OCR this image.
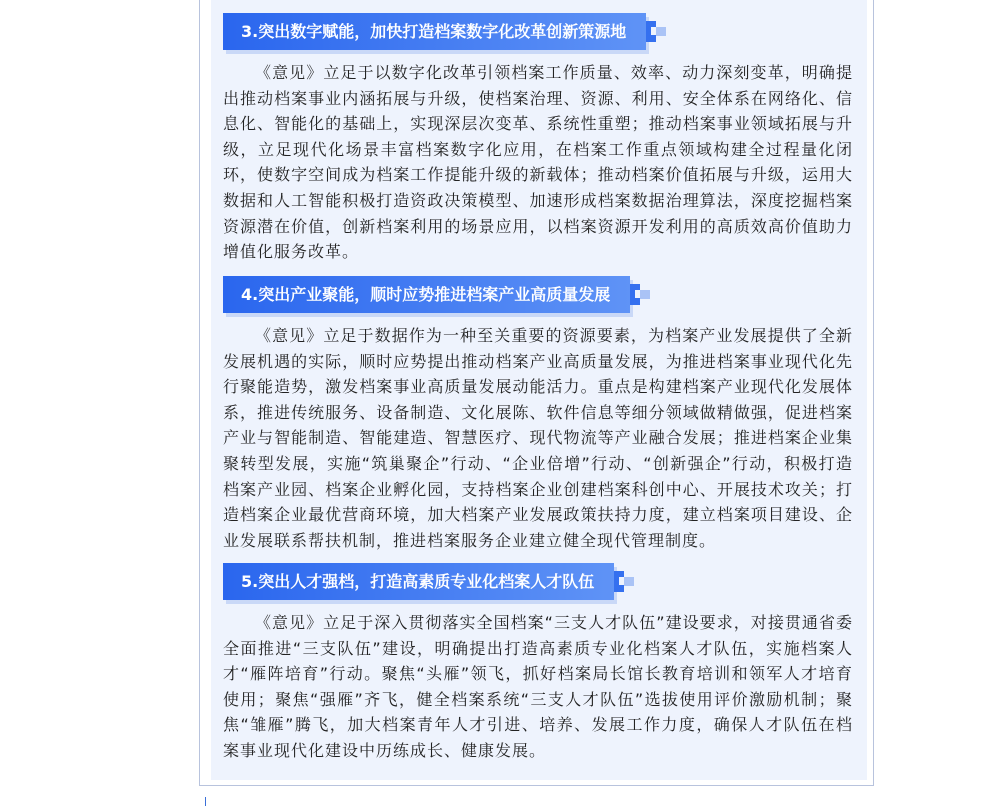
3.突出数字赋能，加快打造档案数字化改革创新策源地

《意见》立足于以数字化改革引领档案工作质量、效率、动力深刻变革，明确提出推动档案事业内涵拓展与升级，使档案治理、资源、利用、安全体系在网络化、信息化、智能化的基础上，实现深层次变革、系统性重塑；推动档案事业领域拓展与升级，立足现代化场景丰富档案数字化应用，在档案工作重点领域构建全过程量化闭环，使数字空间成为档案工作提能升级的新载体；推动档案价值拓展与升级，运用大数据和人工智能积极打造资政决策模型、加速形成档案数据治理算法，深度挖掘档案资源潜在价值，创新档案利用的场景应用，以档案资源开发利用的高质效高价值助力增值化服务改革。

4.突出产业聚能，顺时应势推进档案产业高质量发展

《意见》立足于数据作为一种至关重要的资源要素，为档案产业发展提供了全新发展机遇的实际，顺时应势提出推动档案产业高质量发展，为推进档案事业现代化先行聚能造势，激发档案事业高质量发展动能活力。重点是构建档案产业现代化发展体系，推进传统服务、设备制造、文化展陈、软件信息等细分领域做精做强，促进档案产业与智能制造、智能建造、智慧医疗、现代物流等产业融合发展；推进档案企业集聚转型发展，实施“筑巢聚企”行动、“企业倍增”行动、“创新强企”行动，积极打造档案产业园、档案企业孵化园，支持档案企业创建档案科创中心、开展技术攻关；打造档案企业最优营商环境，加大档案产业发展政策扶持力度，建立档案项目建设、企业发展联系帮扶机制，推进档案服务企业建立健全现代管理制度。

5.突出人才强档，打造高素质专业化档案人才队伍

《意见》立足于深入贯彻落实全国档案“三支人才队伍”建设要求，对接贯通省委全面推进“三支队伍”建设，明确提出打造高素质专业化档案人才队伍，实施档案人才“雁阵培育”行动。聚焦“头雁”领飞，抓好档案局长馆长教育培训和领军人才培育使用；聚焦“强雁”齐飞，健全档案系统“三支人才队伍”选拔使用评价激励机制；聚焦“雏雁”腾飞，加大档案青年人才引进、培养、发展工作力度，确保人才队伍在档案事业现代化建设中历练成长、健康发展。
